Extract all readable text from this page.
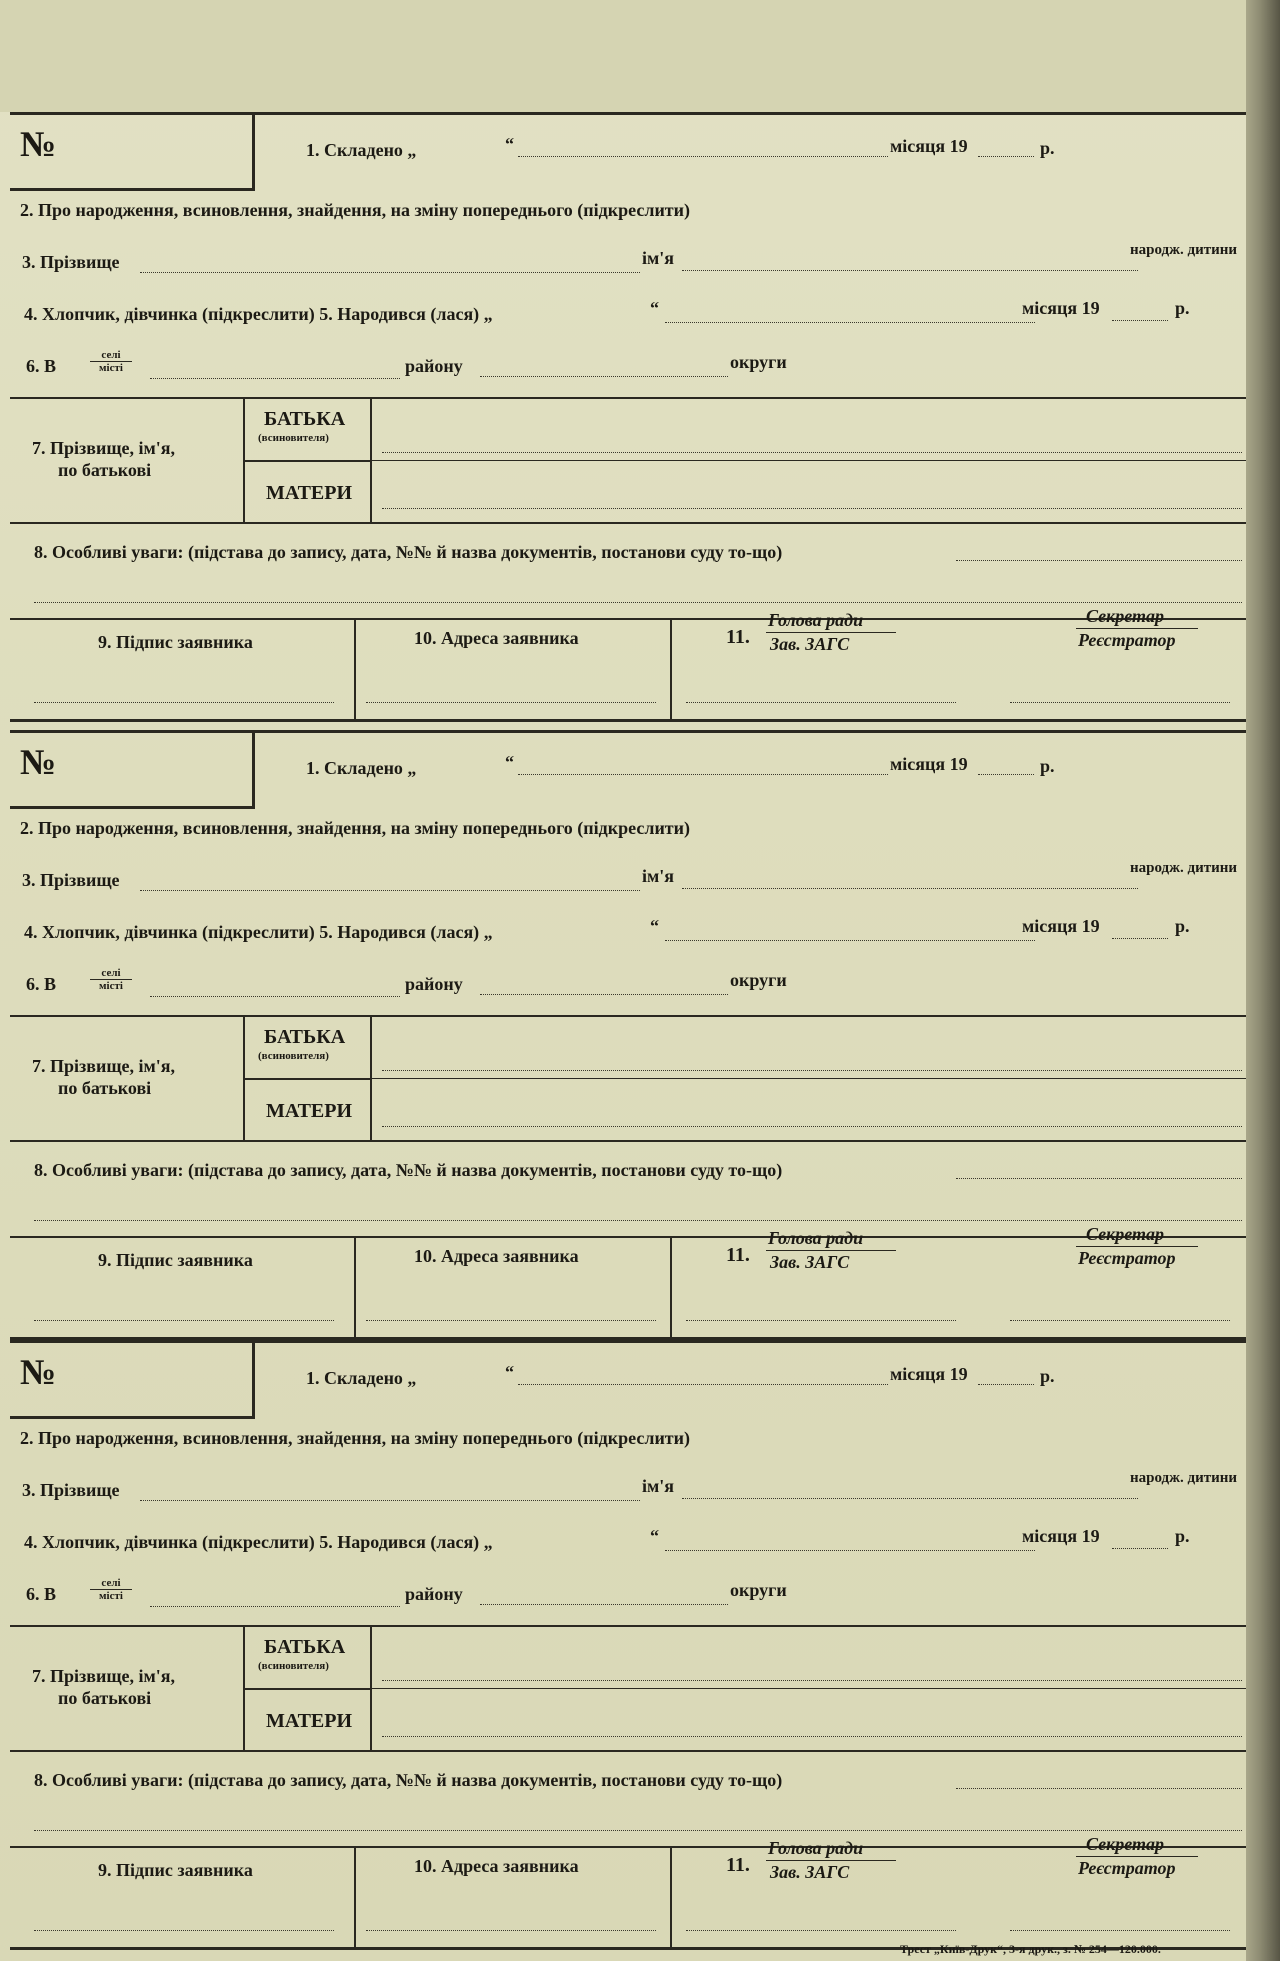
№	1. Складено „	“	місяця 19	р.
2. Про народження, всиновлення, знайдення, на зміну попереднього (підкреслити)
3. Прізвище	ім'я	народж. дитини
4. Хлопчик, дівчинка (підкреслити) 5. Народився (лася) „	“	місяця 19	р.
6. В
селі
місті	району	округи
7. Прізвище, ім'я,
по батькові
БАТЬКА
(всиновителя)
МАТЕРИ
8. Особливі уваги: (підстава до запису, дата, №№ й назва документів, постанови суду то-що)
9. Підпис заявника	10. Адреса заявника	11.
Голова ради
Зав. ЗАГС
Секретар
Реєстратор
№	1. Складено „	“	місяця 19	р.
2. Про народження, всиновлення, знайдення, на зміну попереднього (підкреслити)
3. Прізвище	ім'я	народж. дитини
4. Хлопчик, дівчинка (підкреслити) 5. Народився (лася) „	“	місяця 19	р.
6. В
селі
місті	району	округи
7. Прізвище, ім'я,
по батькові
БАТЬКА
(всиновителя)
МАТЕРИ
8. Особливі уваги: (підстава до запису, дата, №№ й назва документів, постанови суду то-що)
9. Підпис заявника	10. Адреса заявника	11.
Голова ради
Зав. ЗАГС
Секретар
Реєстратор
№	1. Складено „	“	місяця 19	р.
2. Про народження, всиновлення, знайдення, на зміну попереднього (підкреслити)
3. Прізвище	ім'я	народж. дитини
4. Хлопчик, дівчинка (підкреслити) 5. Народився (лася) „	“	місяця 19	р.
6. В
селі
місті	району	округи
7. Прізвище, ім'я,
по батькові
БАТЬКА
(всиновителя)
МАТЕРИ
8. Особливі уваги: (підстава до запису, дата, №№ й назва документів, постанови суду то-що)
9. Підпис заявника	10. Адреса заявника	11.
Голова ради
Зав. ЗАГС
Секретар
Реєстратор
Трест „Київ-Друк“, 3-я друк., з. № 254—120.000.
